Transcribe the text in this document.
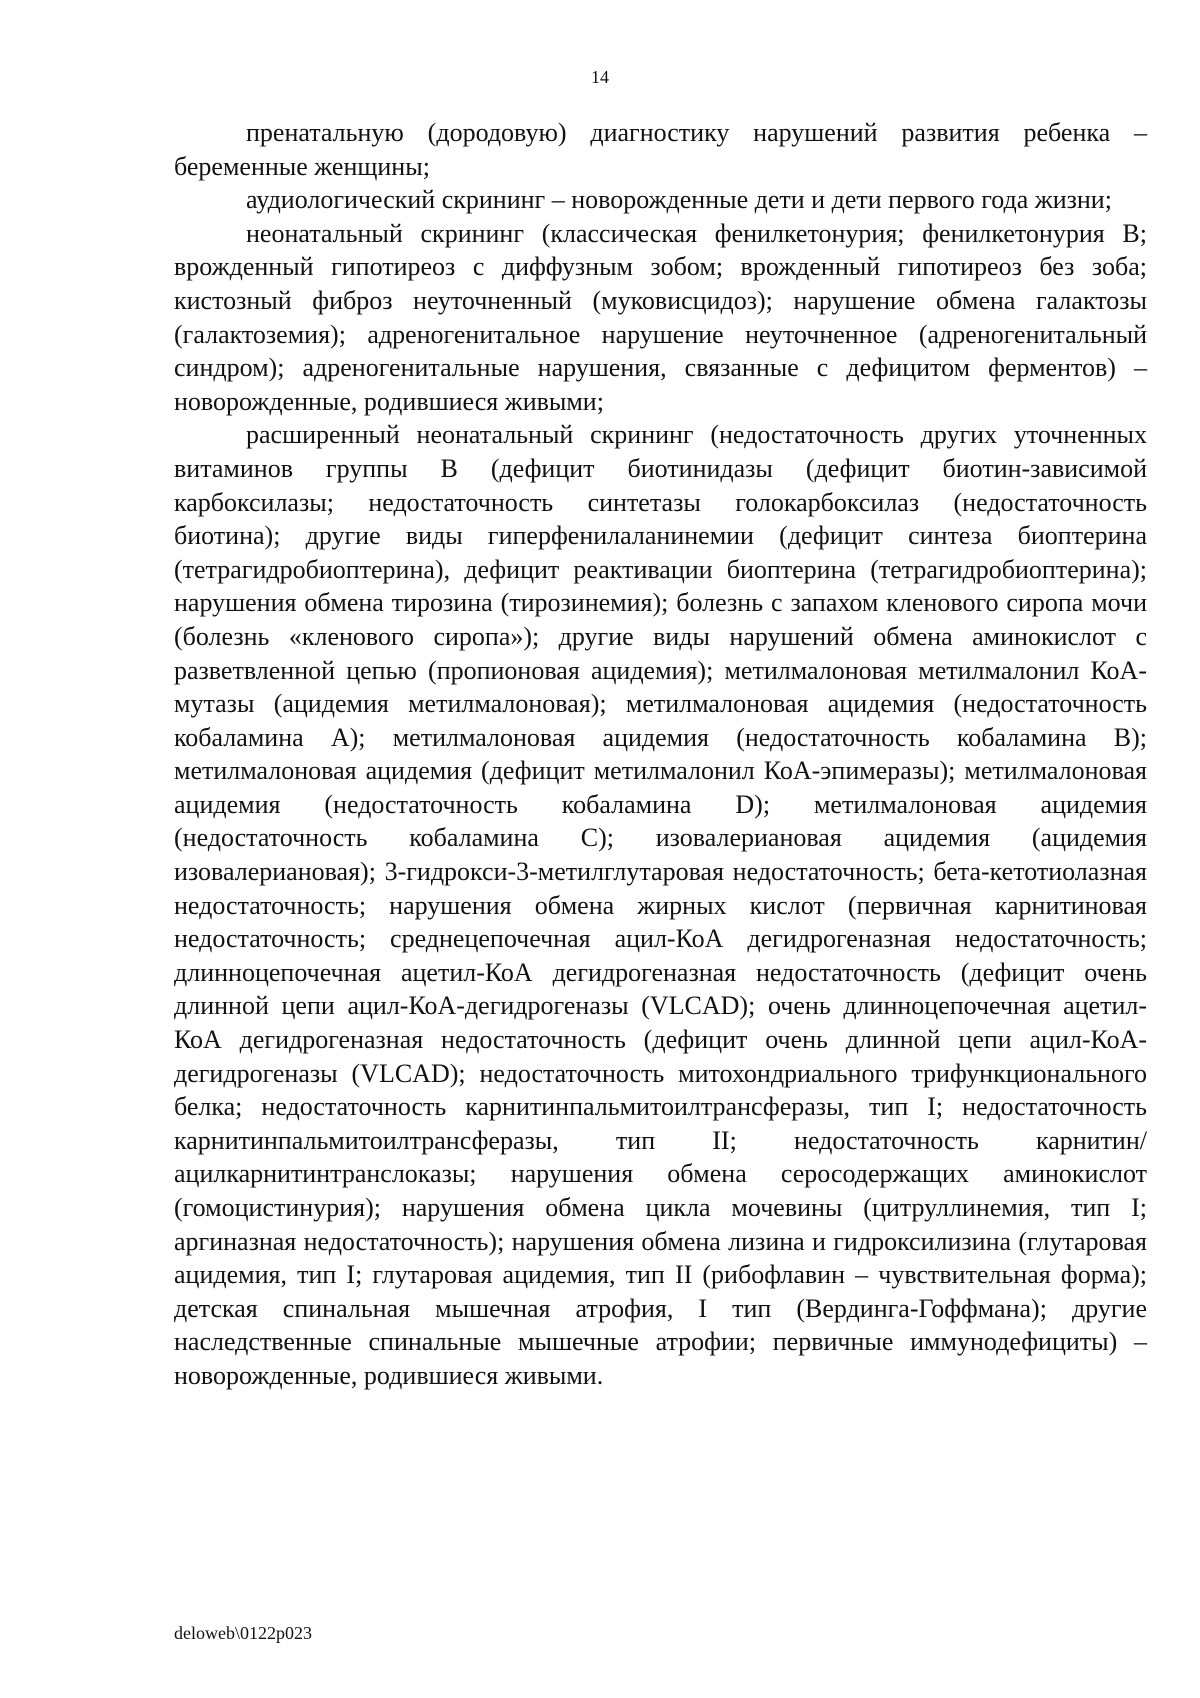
14

пренатальную (дородовую) диагностику нарушений развития ребенка – беременные женщины;

аудиологический скрининг – новорожденные дети и дети первого года жизни;

неонатальный скрининг (классическая фенилкетонурия; фенилкетонурия В; врожденный гипотиреоз с диффузным зобом; врожденный гипотиреоз без зоба; кистозный фиброз неуточненный (муковисцидоз); нарушение обмена галактозы (галактоземия); адреногенитальное нарушение неуточненное (адреногенитальный синдром); адреногенитальные нарушения, связанные с дефицитом ферментов) – новорожденные, родившиеся живыми;

расширенный неонатальный скрининг (недостаточность других уточненных витаминов группы В (дефицит биотинидазы (дефицит биотин-зависимой карбоксилазы; недостаточность синтетазы голокарбоксилаз (недостаточность биотина); другие виды гиперфенилаланинемии (дефицит синтеза биоптерина (тетрагидробиоптерина), дефицит реактивации биоптерина (тетрагидробиоптерина); нарушения обмена тирозина (тирозинемия); болезнь с запахом кленового сиропа мочи (болезнь «кленового сиропа»); другие виды нарушений обмена аминокислот с разветвленной цепью (пропионовая ацидемия); метилмалоновая метилмалонил КоА-мутазы (ацидемия метилмалоновая); метилмалоновая ацидемия (недостаточность кобаламина А); метилмалоновая ацидемия (недостаточность кобаламина В); метилмалоновая ацидемия (дефицит метилмалонил КоА-эпимеразы); метилмалоновая ацидемия (недостаточность кобаламина D); метилмалоновая ацидемия (недостаточность кобаламина С); изовалериановая ацидемия (ацидемия изовалериановая); 3-гидрокси-3-метилглутаровая недостаточность; бета-кетотиолазная недостаточность; нарушения обмена жирных кислот (первичная карнитиновая недостаточность; среднецепочечная ацил-КоА дегидрогеназная недостаточность; длинноцепочечная ацетил-КоА дегидрогеназная недостаточность (дефицит очень длинной цепи ацил-КоА-дегидрогеназы (VLCAD); очень длинноцепочечная ацетил-КоА дегидрогеназная недостаточность (дефицит очень длинной цепи ацил-КоА-дегидрогеназы (VLCAD); недостаточность митохондриального трифункционального белка; недостаточность карнитинпальмитоилтрансферазы, тип I; недостаточность карнитинпальмитоилтрансферазы, тип II; недостаточность карнитин/ацилкарнитинтранслоказы; нарушения обмена серосодержащих аминокислот (гомоцистинурия); нарушения обмена цикла мочевины (цитруллинемия, тип I; аргиназная недостаточность); нарушения обмена лизина и гидроксилизина (глутаровая ацидемия, тип I; глутаровая ацидемия, тип II (рибофлавин – чувствительная форма); детская спинальная мышечная атрофия, I тип (Вердинга-Гоффмана); другие наследственные спинальные мышечные атрофии; первичные иммунодефициты) – новорожденные, родившиеся живыми.

deloweb\0122p023
